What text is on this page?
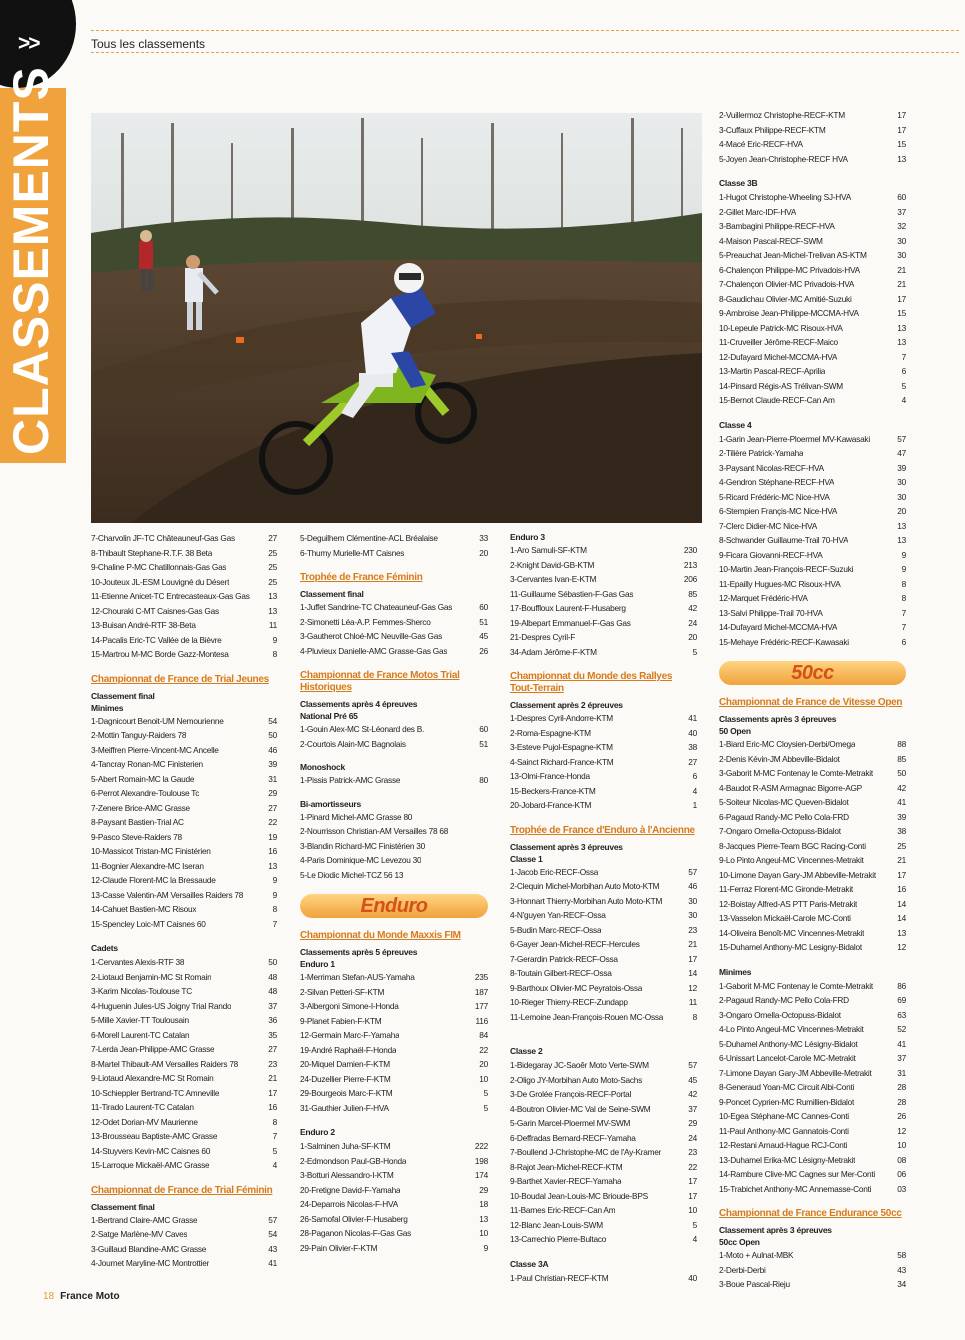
>>	Tous les classements
CLASSEMENTS
7-Charvolin JF-TC Châteauneuf-Gas Gas	27
8-Thibault Stephane-R.T.F. 38 Beta	25
9-Chaline P-MC Chatillonnais-Gas Gas	25
10-Jouteux JL-ESM Louvigné du Désert	25
11-Etienne Anicet-TC Entrecasteaux-Gas Gas	13
12-Chouraki C-MT Caisnes-Gas Gas	13
13-Buisan André-RTF 38-Beta	11
14-Pacalis Eric-TC Vallée de la Bièvre	9
15-Martrou M-MC Borde Gazz-Montesa	8
Championnat de France de Trial Jeunes
Classement final
Minimes
1-Dagnicourt Benoit-UM Nemourienne	54
2-Mottin Tanguy-Raiders 78	50
3-Meiffren Pierre-Vincent-MC Ancelle	46
4-Tancray Ronan-MC Finisterien	39
5-Abert Romain-MC la Gaude	31
6-Perrot Alexandre-Toulouse Tc	29
7-Zenere Brice-AMC Grasse	27
8-Paysant Bastien-Trial AC	22
9-Pasco Steve-Raiders 78	19
10-Massicot Tristan-MC Finistérien	16
11-Bognier Alexandre-MC Iseran	13
12-Claude Florent-MC la Bressaude	9
13-Casse Valentin-AM Versailles Raiders 78	9
14-Cahuet Bastien-MC Risoux	8
15-Spencley Loic-MT Caisnes 60	7
Cadets
1-Cervantes Alexis-RTF 38	50
2-Liotaud Benjamin-MC St Romain	48
3-Karim Nicolas-Toulouse TC	48
4-Huguenin Jules-US Joigny Trial Rando	37
5-Mille Xavier-TT Toulousain	36
6-Morell Laurent-TC Catalan	35
7-Lerda Jean-Philippe-AMC Grasse	27
8-Martel Thibault-AM Versailles Raiders 78	23
9-Liotaud Alexandre-MC St Romain	21
10-Schieppler Bertrand-TC Amneville	17
11-Tirado Laurent-TC Catalan	16
12-Odet Dorian-MV Maurienne	8
13-Brousseau Baptiste-AMC Grasse	7
14-Stuyvers Kevin-MC Caisnes 60	5
15-Larroque Mickaël-AMC Grasse	4
Championnat de France de Trial Féminin
Classement final
1-Bertrand Claire-AMC Grasse	57
2-Satge Marlène-MV Caves	54
3-Guillaud Blandine-AMC Grasse	43
4-Journet Maryline-MC Montrottier	41
5-Deguilhem Clémentine-ACL Bréalaise	33
6-Thumy Murielle-MT Caisnes	20
Trophée de France Féminin
Classement final
1-Juffet Sandrine-TC Chateauneuf-Gas Gas	60
2-Simonetti Léa-A.P. Femmes-Sherco	51
3-Gautherot Chloé-MC Neuville-Gas Gas	45
4-Pluvieux Danielle-AMC Grasse-Gas Gas	26
Championnat de France Motos Trial Historiques
Classements après 4 épreuves
National Pré 65
1-Gouin Alex-MC St-Léonard des B.	60
2-Courtois Alain-MC Bagnolais	51
Monoshock
1-Pissis Patrick-AMC Grasse	80
Bi-amortisseurs
1-Pinard Michel-AMC Grasse 80
2-Nourrisson Christian-AM Versailles 78 68
3-Blandin Richard-MC Finistérien 30
4-Paris Dominique-MC Levezou 30
5-Le Diodic Michel-TCZ 56 13
Enduro
Championnat du Monde Maxxis FIM
Classements après 5 épreuves
Enduro 1
1-Merriman Stefan-AUS-Yamaha	235
2-Silvan Petteri-SF-KTM	187
3-Albergoni Simone-I-Honda	177
9-Planet Fabien-F-KTM	116
12-Germain Marc-F-Yamaha	84
19-André Raphaël-F-Honda	22
20-Miquel Damien-F-KTM	20
24-Duzellier Pierre-F-KTM	10
29-Bourgeois Marc-F-KTM	5
31-Gauthier Julien-F-HVA	5
Enduro 2
1-Salminen Juha-SF-KTM	222
2-Edmondson Paul-GB-Honda	198
3-Botturi Alessandro-I-KTM	174
20-Fretigne David-F-Yamaha	29
24-Deparrois Nicolas-F-HVA	18
26-Samofal Olivier-F-Husaberg	13
28-Paganon Nicolas-F-Gas Gas	10
29-Pain Olivier-F-KTM	9
Enduro 3
1-Aro Samuli-SF-KTM	230
2-Knight David-GB-KTM	213
3-Cervantes Ivan-E-KTM	206
11-Guillaume Sébastien-F-Gas Gas	85
17-Bouffloux Laurent-F-Husaberg	42
19-Albepart Emmanuel-F-Gas Gas	24
21-Despres Cyril-F	20
34-Adam Jérôme-F-KTM	5
Championnat du Monde des Rallyes Tout-Terrain
Classement après 2 épreuves
1-Despres Cyril-Andorre-KTM	41
2-Roma-Espagne-KTM	40
3-Esteve Pujol-Espagne-KTM	38
4-Sainct Richard-France-KTM	27
13-Olmi-France-Honda	6
15-Beckers-France-KTM	4
20-Jobard-France-KTM	1
Trophée de France d'Enduro à l'Ancienne
Classement après 3 épreuves
Classe 1
1-Jacob Eric-RECF-Ossa	57
2-Clequin Michel-Morbihan Auto Moto-KTM	46
3-Honnart Thierry-Morbihan Auto Moto-KTM	30
4-N'guyen Yan-RECF-Ossa	30
5-Budin Marc-RECF-Ossa	23
6-Gayer Jean-Michel-RECF-Hercules	21
7-Gerardin Patrick-RECF-Ossa	17
8-Toutain Gilbert-RECF-Ossa	14
9-Barthoux Olivier-MC Peyratois-Ossa	12
10-Rieger Thierry-RECF-Zundapp	11
11-Lemoine Jean-François-Rouen MC-Ossa	8
Classe 2
1-Bidegaray JC-Saoêr Moto Verte-SWM	57
2-Oligo JY-Morbihan Auto Moto-Sachs	45
3-De Grolée François-RECF-Portal	42
4-Boutron Olivier-MC Val de Seine-SWM	37
5-Garin Marcel-Ploermel MV-SWM	29
6-Deffradas Bernard-RECF-Yamaha	24
7-Boullend J-Christophe-MC de l'Ay-Kramer	23
8-Rajot Jean-Michel-RECF-KTM	22
9-Barthet Xavier-RECF-Yamaha	17
10-Boudal Jean-Louis-MC Brioude-BPS	17
11-Barnes Eric-RECF-Can Am	10
12-Blanc Jean-Louis-SWM	5
13-Carrechio Pierre-Bultaco	4
Classe 3A
1-Paul Christian-RECF-KTM	40
2-Vuillermoz Christophe-RECF-KTM	17
3-Cuffaux Philippe-RECF-KTM	17
4-Macé Eric-RECF-HVA	15
5-Joyen Jean-Christophe-RECF HVA	13
Classe 3B
1-Hugot Christophe-Wheeling SJ-HVA	60
2-Gillet Marc-IDF-HVA	37
3-Bambagini Philippe-RECF-HVA	32
4-Maison Pascal-RECF-SWM	30
5-Preauchat Jean-Michel-Trelivan AS-KTM	30
6-Chalençon Philippe-MC Privadois-HVA	21
7-Chalençon Olivier-MC Privadois-HVA	21
8-Gaudichau Olivier-MC Amitié-Suzuki	17
9-Ambroise Jean-Philippe-MCCMA-HVA	15
10-Lepeule Patrick-MC Risoux-HVA	13
11-Cruveiller Jérôme-RECF-Maico	13
12-Dufayard Michel-MCCMA-HVA	7
13-Martin Pascal-RECF-Aprilia	6
14-Pinsard Régis-AS Trélivan-SWM	5
15-Bernot Claude-RECF-Can Am	4
Classe 4
1-Garin Jean-Pierre-Ploermel MV-Kawasaki	57
2-Tilière Patrick-Yamaha	47
3-Paysant Nicolas-RECF-HVA	39
4-Gendron Stéphane-RECF-HVA	30
5-Ricard Frédéric-MC Nice-HVA	30
6-Stempien Françis-MC Nice-HVA	20
7-Clerc Didier-MC Nice-HVA	13
8-Schwander Guillaume-Trail 70-HVA	13
9-Ficara Giovanni-RECF-HVA	9
10-Martin Jean-François-RECF-Suzuki	9
11-Epailly Hugues-MC Risoux-HVA	8
12-Marquet Frédéric-HVA	8
13-Salvi Philippe-Trail 70-HVA	7
14-Dufayard Michel-MCCMA-HVA	7
15-Mehaye Frédéric-RECF-Kawasaki	6
50cc
Championnat de France de Vitesse Open
Classements après 3 épreuves
50 Open
1-Biard Eric-MC Cloysien-Derbi/Omega	88
2-Denis Kévin-JM Abbeville-Bidalot	85
3-Gaborit M-MC Fontenay le Comte-Metrakit	50
4-Baudot R-ASM Armagnac Bigorre-AGP	42
5-Soiteur Nicolas-MC Queven-Bidalot	41
6-Pagaud Randy-MC Pello Cola-FRD	39
7-Ongaro Ornella-Octopuss-Bidalot	38
8-Jacques Pierre-Team BGC Racing-Conti	25
9-Lo Pinto Angeul-MC Vincennes-Metrakit	21
10-Limone Dayan Gary-JM Abbeville-Metrakit	17
11-Ferraz Florent-MC Gironde-Metrakit	16
12-Boistay Alfred-AS PTT Paris-Metrakit	14
13-Vasselon Mickaël-Carole MC-Conti	14
14-Oliveira Benoît-MC Vincennes-Metrakit	13
15-Duhamel Anthony-MC Lesigny-Bidalot	12
Minimes
1-Gaborit M-MC Fontenay le Comte-Metrakit	86
2-Pagaud Randy-MC Pello Cola-FRD	69
3-Ongaro Ornella-Octopuss-Bidalot	63
4-Lo Pinto Angeul-MC Vincennes-Metrakit	52
5-Duhamel Anthony-MC Lésigny-Bidalot	41
6-Unissart Lancelot-Carole MC-Metrakit	37
7-Limone Dayan Gary-JM Abbeville-Metrakit	31
8-Generaud Yoan-MC Circuit Albi-Conti	28
9-Poncet Cyprien-MC Rumillien-Bidalot	28
10-Egea Stéphane-MC Cannes-Conti	26
11-Paul Anthony-MC Gannatois-Conti	12
12-Restani Arnaud-Hague RCJ-Conti	10
13-Duhamel Erika-MC Lésigny-Metrakit	08
14-Rambure Clive-MC Cagnes sur Mer-Conti	06
15-Trabichet Anthony-MC Annemasse-Conti	03
Championnat de France Endurance 50cc
Classement après 3 épreuves
50cc Open
1-Moto + Aulnat-MBK	58
2-Derbi-Derbi	43
3-Boue Pascal-Rieju	34
18 France Moto
